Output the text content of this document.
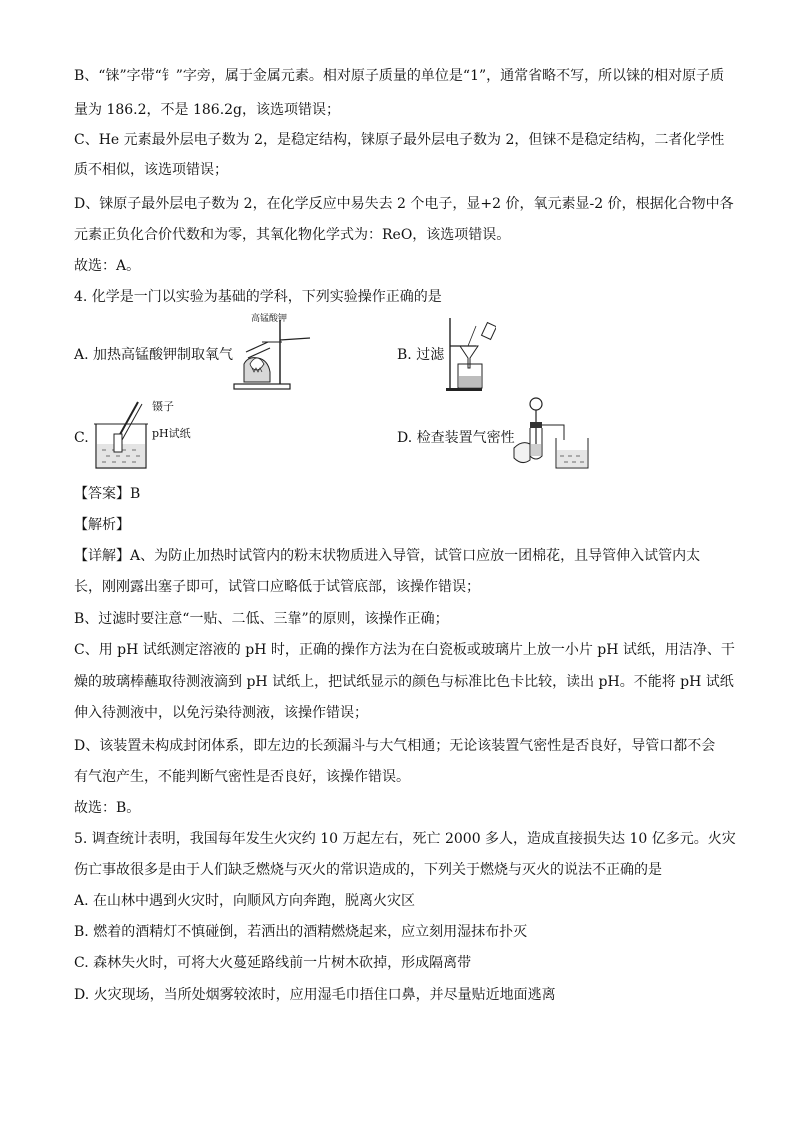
B、“铼”字带“钅”字旁，属于金属元素。相对原子质量的单位是“1”，通常省略不写，所以铼的相对原子质
量为 186.2，不是 186.2g，该选项错误；
C、He 元素最外层电子数为 2，是稳定结构，铼原子最外层电子数为 2，但铼不是稳定结构，二者化学性
质不相似，该选项错误；
D、铼原子最外层电子数为 2，在化学反应中易失去 2 个电子，显+2 价，氧元素显-2 价，根据化合物中各
元素正负化合价代数和为零，其氧化物化学式为：ReO，该选项错误。
故选：A。
4. 化学是一门以实验为基础的学科，下列实验操作正确的是
A. 加热高锰酸钾制取氧气	B. 过滤
C.	D. 检查装置气密性
高锰酸钾
镊子
pH试纸
【答案】B
【解析】
【详解】A、为防止加热时试管内的粉末状物质进入导管，试管口应放一团棉花，且导管伸入试管内太
长，刚刚露出塞子即可，试管口应略低于试管底部，该操作错误；
B、过滤时要注意“一贴、二低、三靠”的原则，该操作正确；
C、用 pH 试纸测定溶液的 pH 时，正确的操作方法为在白瓷板或玻璃片上放一小片 pH 试纸，用洁净、干
燥的玻璃棒蘸取待测液滴到 pH 试纸上，把试纸显示的颜色与标准比色卡比较，读出 pH。不能将 pH 试纸
伸入待测液中，以免污染待测液，该操作错误；
D、该装置未构成封闭体系，即左边的长颈漏斗与大气相通；无论该装置气密性是否良好，导管口都不会
有气泡产生，不能判断气密性是否良好，该操作错误。
故选：B。
5. 调查统计表明，我国每年发生火灾约 10 万起左右，死亡 2000 多人，造成直接损失达 10 亿多元。火灾
伤亡事故很多是由于人们缺乏燃烧与灭火的常识造成的，下列关于燃烧与灭火的说法不正确的是
A. 在山林中遇到火灾时，向顺风方向奔跑，脱离火灾区
B. 燃着的酒精灯不慎碰倒，若洒出的酒精燃烧起来，应立刻用湿抹布扑灭
C. 森林失火时，可将大火蔓延路线前一片树木砍掉，形成隔离带
D. 火灾现场，当所处烟雾较浓时，应用湿毛巾捂住口鼻，并尽量贴近地面逃离
